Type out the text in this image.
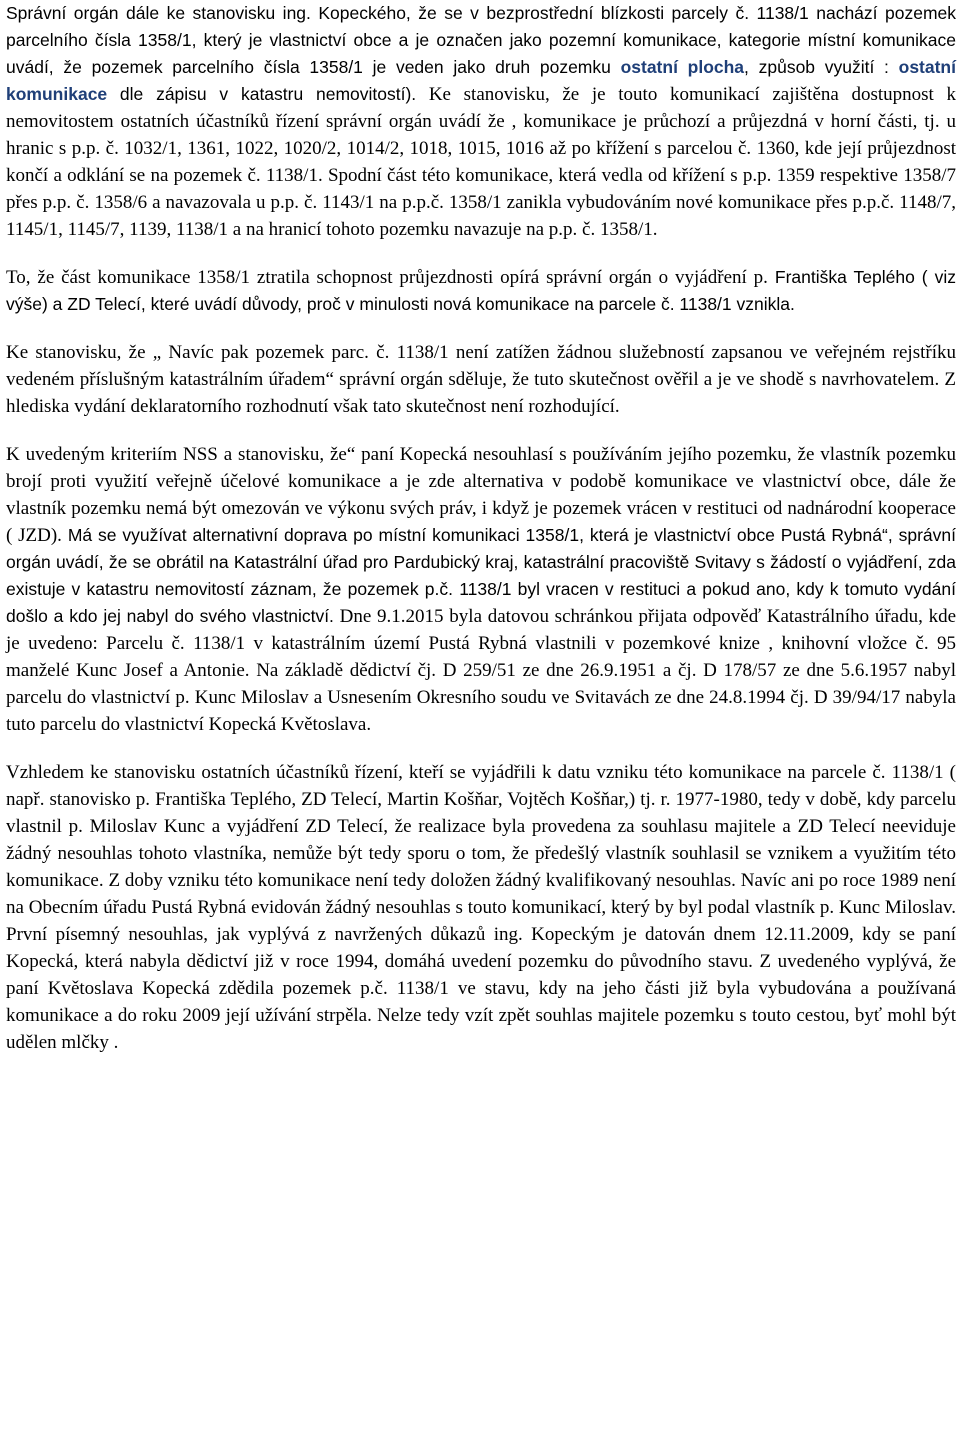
Správní orgán dále ke stanovisku ing. Kopeckého, že se v bezprostřední blízkosti parcely č. 1138/1 nachází pozemek parcelního čísla 1358/1, který je vlastnictví obce a je označen jako pozemní komunikace, kategorie místní komunikace uvádí, že pozemek parcelního čísla 1358/1 je veden jako druh pozemku ostatní plocha, způsob využití : ostatní komunikace dle zápisu v katastru nemovitostí). Ke stanovisku, že je touto komunikací zajištěna dostupnost k nemovitostem ostatních účastníků řízení správní orgán uvádí že , komunikace je průchozí a průjezdná v horní části, tj. u hranic s p.p. č. 1032/1, 1361, 1022, 1020/2, 1014/2, 1018, 1015, 1016 až po křížení s parcelou č. 1360, kde její průjezdnost končí a odklání se na pozemek č. 1138/1. Spodní část této komunikace, která vedla od křížení s p.p. 1359 respektive 1358/7 přes p.p. č. 1358/6 a navazovala u p.p. č. 1143/1 na p.p.č. 1358/1 zanikla vybudováním nové komunikace přes p.p.č. 1148/7, 1145/1, 1145/7, 1139, 1138/1 a na hranicí tohoto pozemku navazuje na p.p. č. 1358/1.

To, že část komunikace 1358/1 ztratila schopnost průjezdnosti opírá správní orgán o vyjádření p. Františka Teplého ( viz výše) a ZD Telecí, které uvádí důvody, proč v minulosti nová komunikace na parcele č. 1138/1 vznikla.

Ke stanovisku, že „ Navíc pak pozemek parc. č. 1138/1 není zatížen žádnou služebností zapsanou ve veřejném rejstříku vedeném příslušným katastrálním úřadem“ správní orgán sděluje, že tuto skutečnost ověřil a je ve shodě s navrhovatelem. Z hlediska vydání deklaratorního rozhodnutí však tato skutečnost není rozhodující.

K uvedeným kriteriím NSS a stanovisku, že“ paní Kopecká nesouhlasí s používáním jejího pozemku, že vlastník pozemku brojí proti využití veřejně účelové komunikace a je zde alternativa v podobě komunikace ve vlastnictví obce, dále že vlastník pozemku nemá být omezován ve výkonu svých práv, i když je pozemek vrácen v restituci od nadnárodní kooperace ( JZD). Má se využívat alternativní doprava po místní komunikaci 1358/1, která je vlastnictví obce Pustá Rybná“, správní orgán uvádí, že se obrátil na Katastrální úřad pro Pardubický kraj, katastrální pracoviště Svitavy s žádostí o vyjádření, zda existuje v katastru nemovitostí záznam, že pozemek p.č. 1138/1 byl vracen v restituci a pokud ano, kdy k tomuto vydání došlo a kdo jej nabyl do svého vlastnictví. Dne 9.1.2015 byla datovou schránkou přijata odpověď Katastrálního úřadu, kde je uvedeno: Parcelu č. 1138/1 v katastrálním území Pustá Rybná vlastnili v pozemkové knize , knihovní vložce č. 95 manželé Kunc Josef a Antonie. Na základě dědictví čj. D 259/51 ze dne 26.9.1951 a čj. D 178/57 ze dne 5.6.1957 nabyl parcelu do vlastnictví p. Kunc Miloslav a Usnesením Okresního soudu ve Svitavách ze dne 24.8.1994 čj. D 39/94/17 nabyla tuto parcelu do vlastnictví Kopecká Květoslava.

Vzhledem ke stanovisku ostatních účastníků řízení, kteří se vyjádřili k datu vzniku této komunikace na parcele č. 1138/1 ( např. stanovisko p. Františka Teplého, ZD Telecí, Martin Košňar, Vojtěch Košňar,) tj. r. 1977-1980, tedy v době, kdy parcelu vlastnil p. Miloslav Kunc a vyjádření ZD Telecí, že realizace byla provedena za souhlasu majitele a ZD Telecí neeviduje žádný nesouhlas tohoto vlastníka, nemůže být tedy sporu o tom, že předešlý vlastník souhlasil se vznikem a využitím této komunikace. Z doby vzniku této komunikace není tedy doložen žádný kvalifikovaný nesouhlas. Navíc ani po roce 1989 není na Obecním úřadu Pustá Rybná evidován žádný nesouhlas s touto komunikací, který by byl podal vlastník p. Kunc Miloslav. První písemný nesouhlas, jak vyplývá z navržených důkazů ing. Kopeckým je datován dnem 12.11.2009, kdy se paní Kopecká, která nabyla dědictví již v roce 1994, domáhá uvedení pozemku do původního stavu. Z uvedeného vyplývá, že paní Květoslava Kopecká zdědila pozemek p.č. 1138/1 ve stavu, kdy na jeho části již byla vybudována a používaná komunikace a do roku 2009 její užívání strpěla. Nelze tedy vzít zpět souhlas majitele pozemku s touto cestou, byť mohl být udělen mlčky .
